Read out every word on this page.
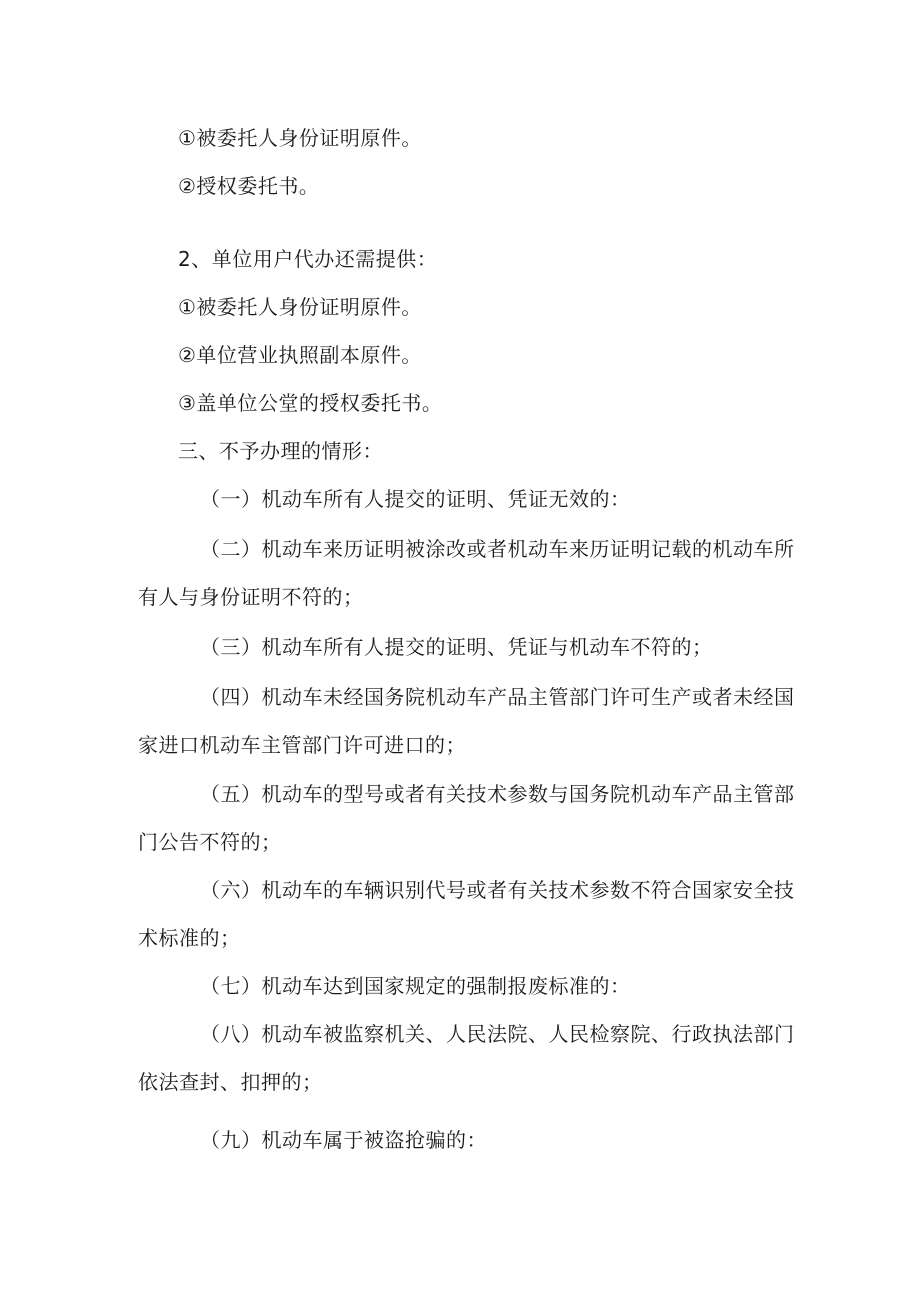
①被委托人身份证明原件。

②授权委托书。

2、单位用户代办还需提供：

①被委托人身份证明原件。

②单位营业执照副本原件。

③盖单位公堂的授权委托书。

三、不予办理的情形：

（一）机动车所有人提交的证明、凭证无效的：

（二）机动车来历证明被涂改或者机动车来历证明记载的机动车所

有人与身份证明不符的；

（三）机动车所有人提交的证明、凭证与机动车不符的；

（四）机动车未经国务院机动车产品主管部门许可生产或者未经国

家进口机动车主管部门许可进口的；

（五）机动车的型号或者有关技术参数与国务院机动车产品主管部

门公告不符的；

（六）机动车的车辆识别代号或者有关技术参数不符合国家安全技

术标准的；

（七）机动车达到国家规定的强制报废标准的：

（八）机动车被监察机关、人民法院、人民检察院、行政执法部门

依法查封、扣押的；

（九）机动车属于被盗抢骗的：
